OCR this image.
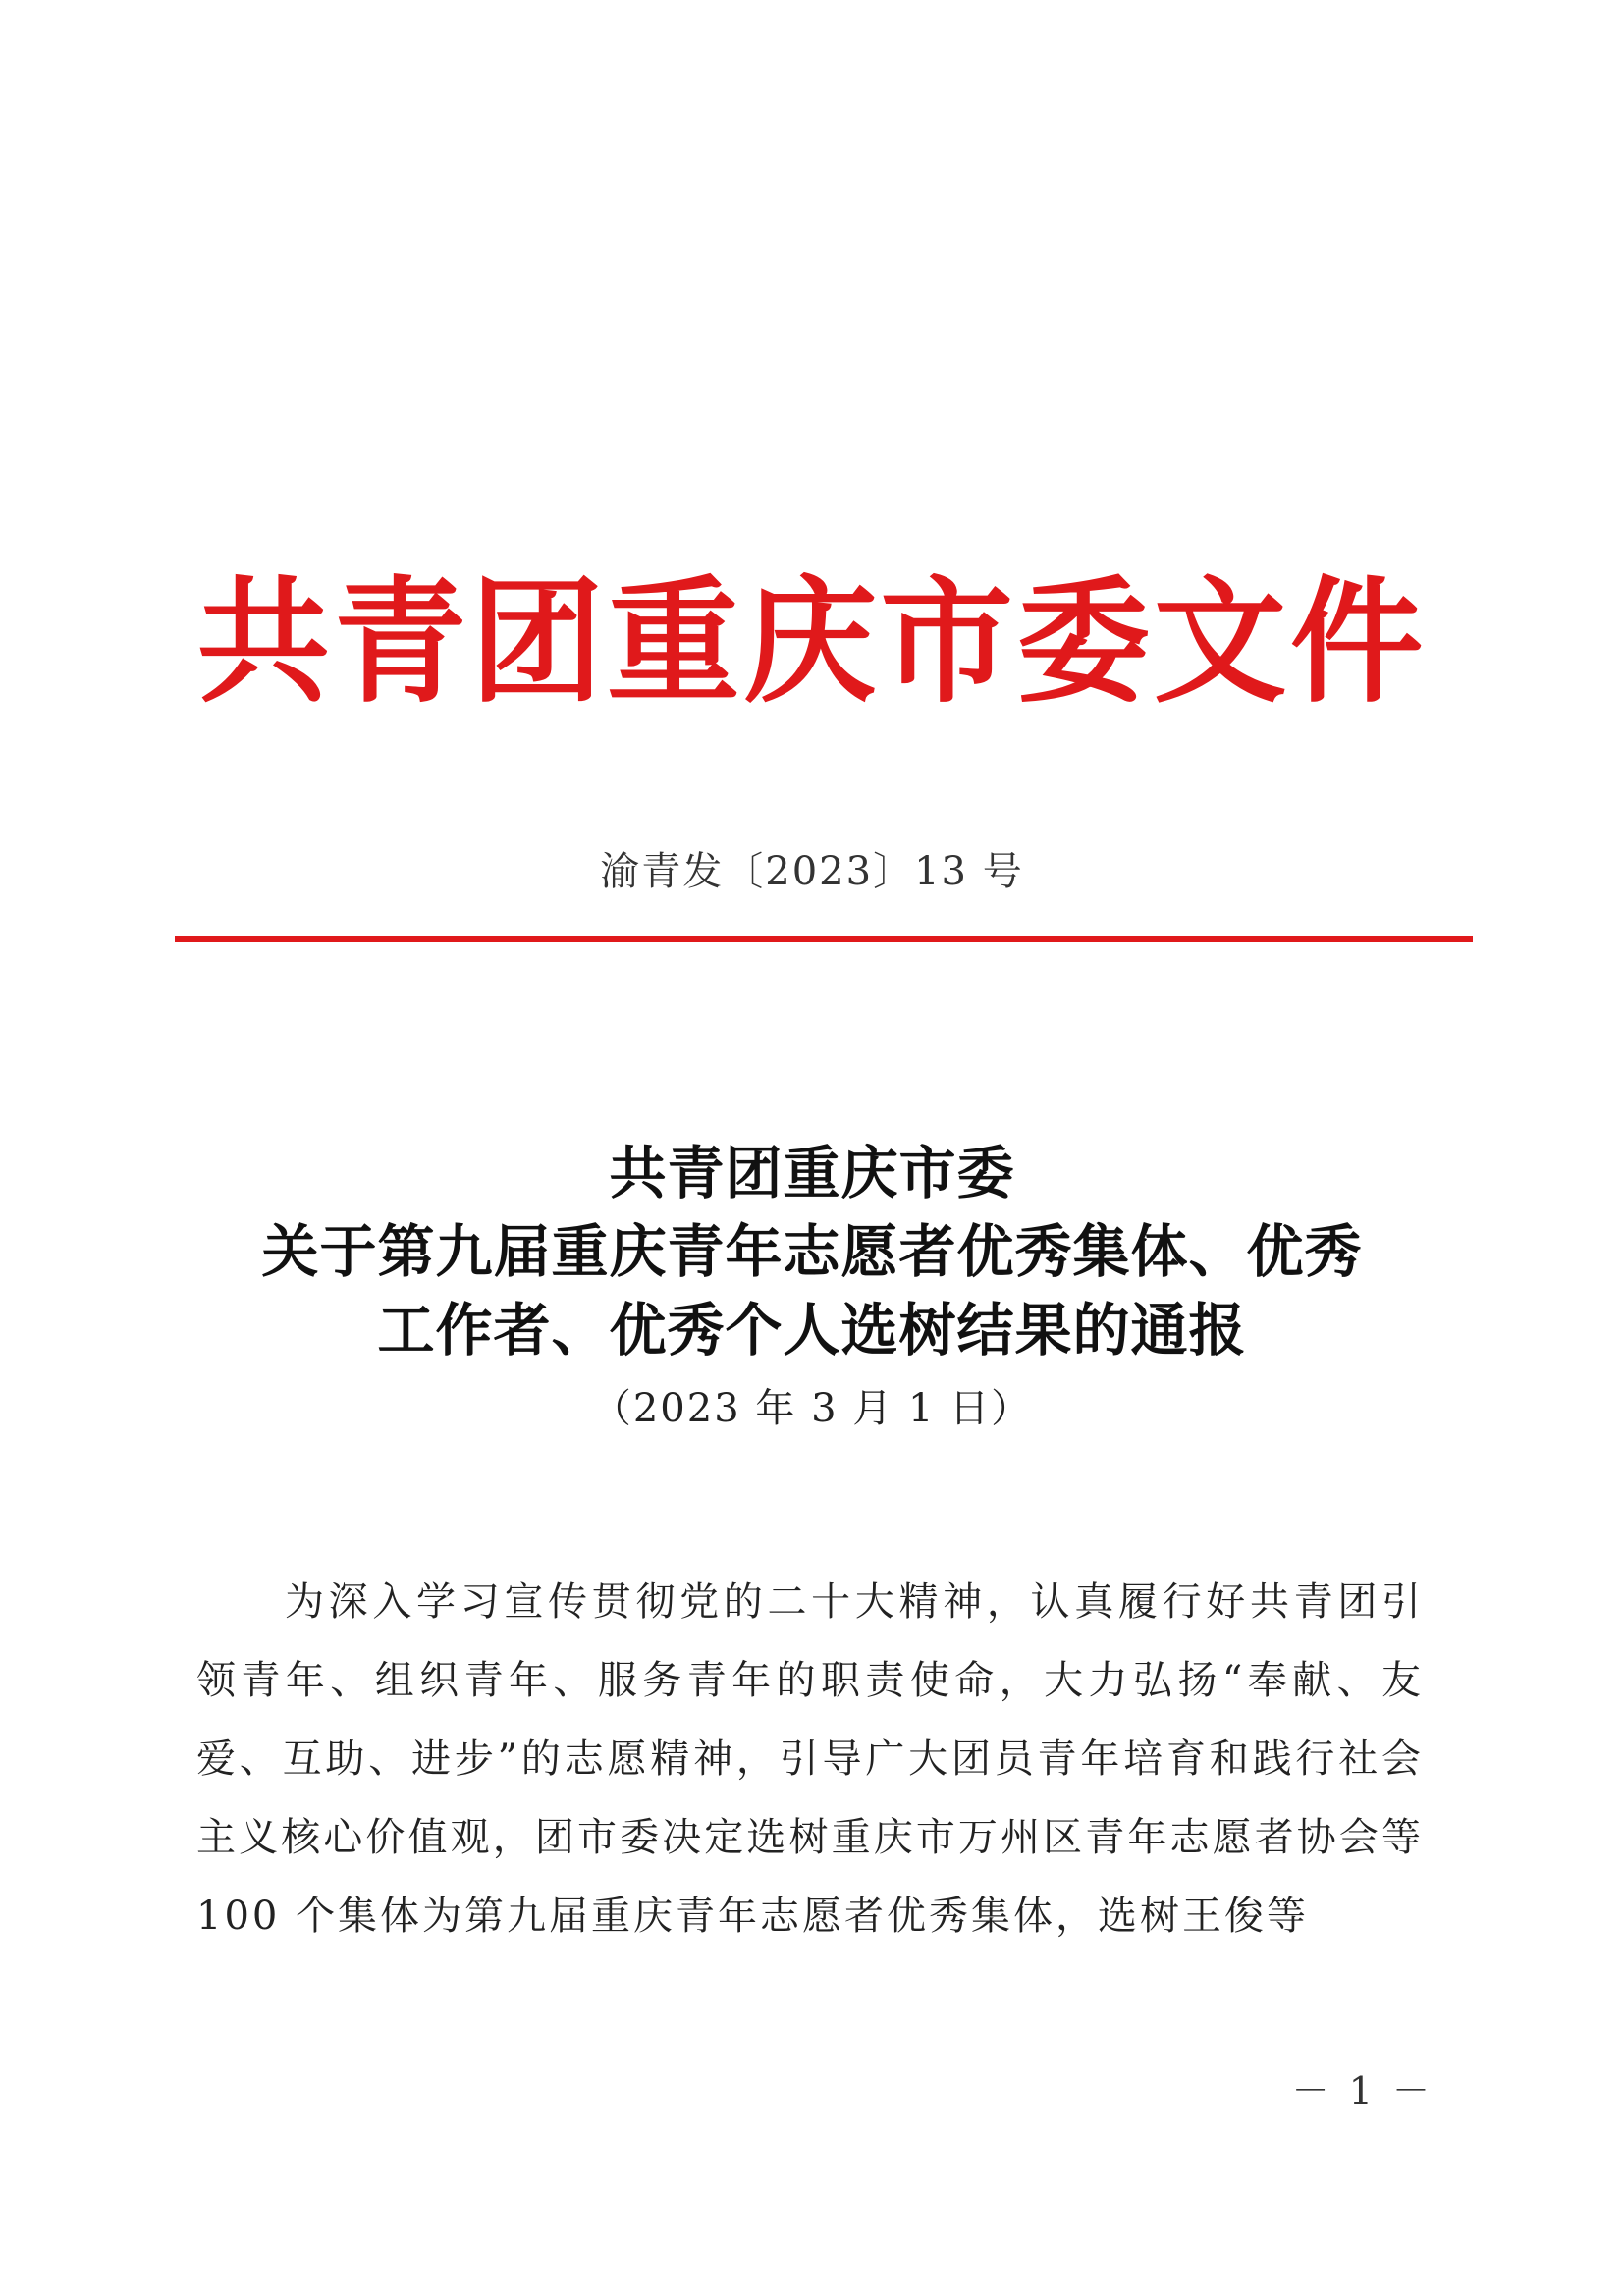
共青团重庆市委文件
渝青发〔2023〕13 号
共青团重庆市委
关于第九届重庆青年志愿者优秀集体、优秀
工作者、优秀个人选树结果的通报
（2023 年 3 月 1 日）

为深入学习宣传贯彻党的二十大精神，认真履行好共青团引领青年、组织青年、服务青年的职责使命，大力弘扬“奉献、友爱、互助、进步”的志愿精神，引导广大团员青年培育和践行社会主义核心价值观，团市委决定选树重庆市万州区青年志愿者协会等 100 个集体为第九届重庆青年志愿者优秀集体，选树王俊等

－ 1 －
